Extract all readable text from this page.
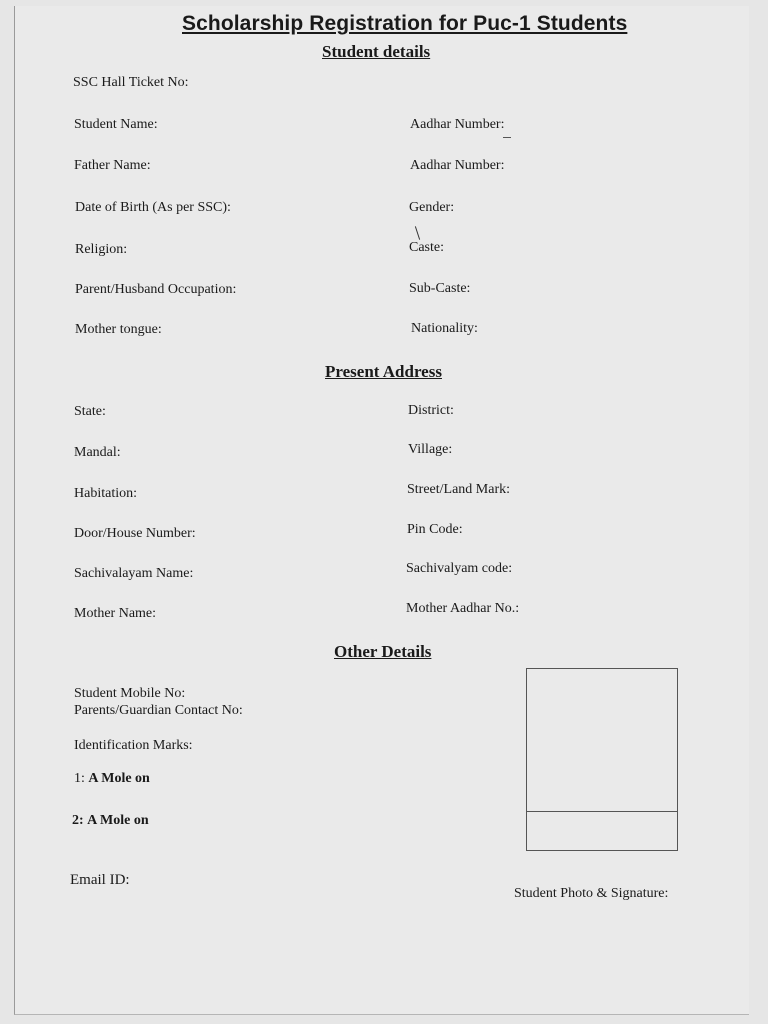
Scholarship Registration for Puc-1 Students
Student details
SSC Hall Ticket No:
Student Name:	Aadhar Number:
Father Name:	Aadhar Number:
Date of Birth (As per SSC):	Gender:
Religion:	Caste:
Parent/Husband Occupation:	Sub-Caste:
Mother tongue:	Nationality:
Present Address
State:	District:
Mandal:	Village:
Habitation:	Street/Land Mark:
Door/House Number:	Pin Code:
Sachivalayam Name:	Sachivalyam code:
Mother Name:	Mother Aadhar No.:
Other Details
Student Mobile No:
Parents/Guardian Contact No:
Identification Marks:
1: A Mole on
2: A Mole on
Email ID:
Student Photo & Signature:
